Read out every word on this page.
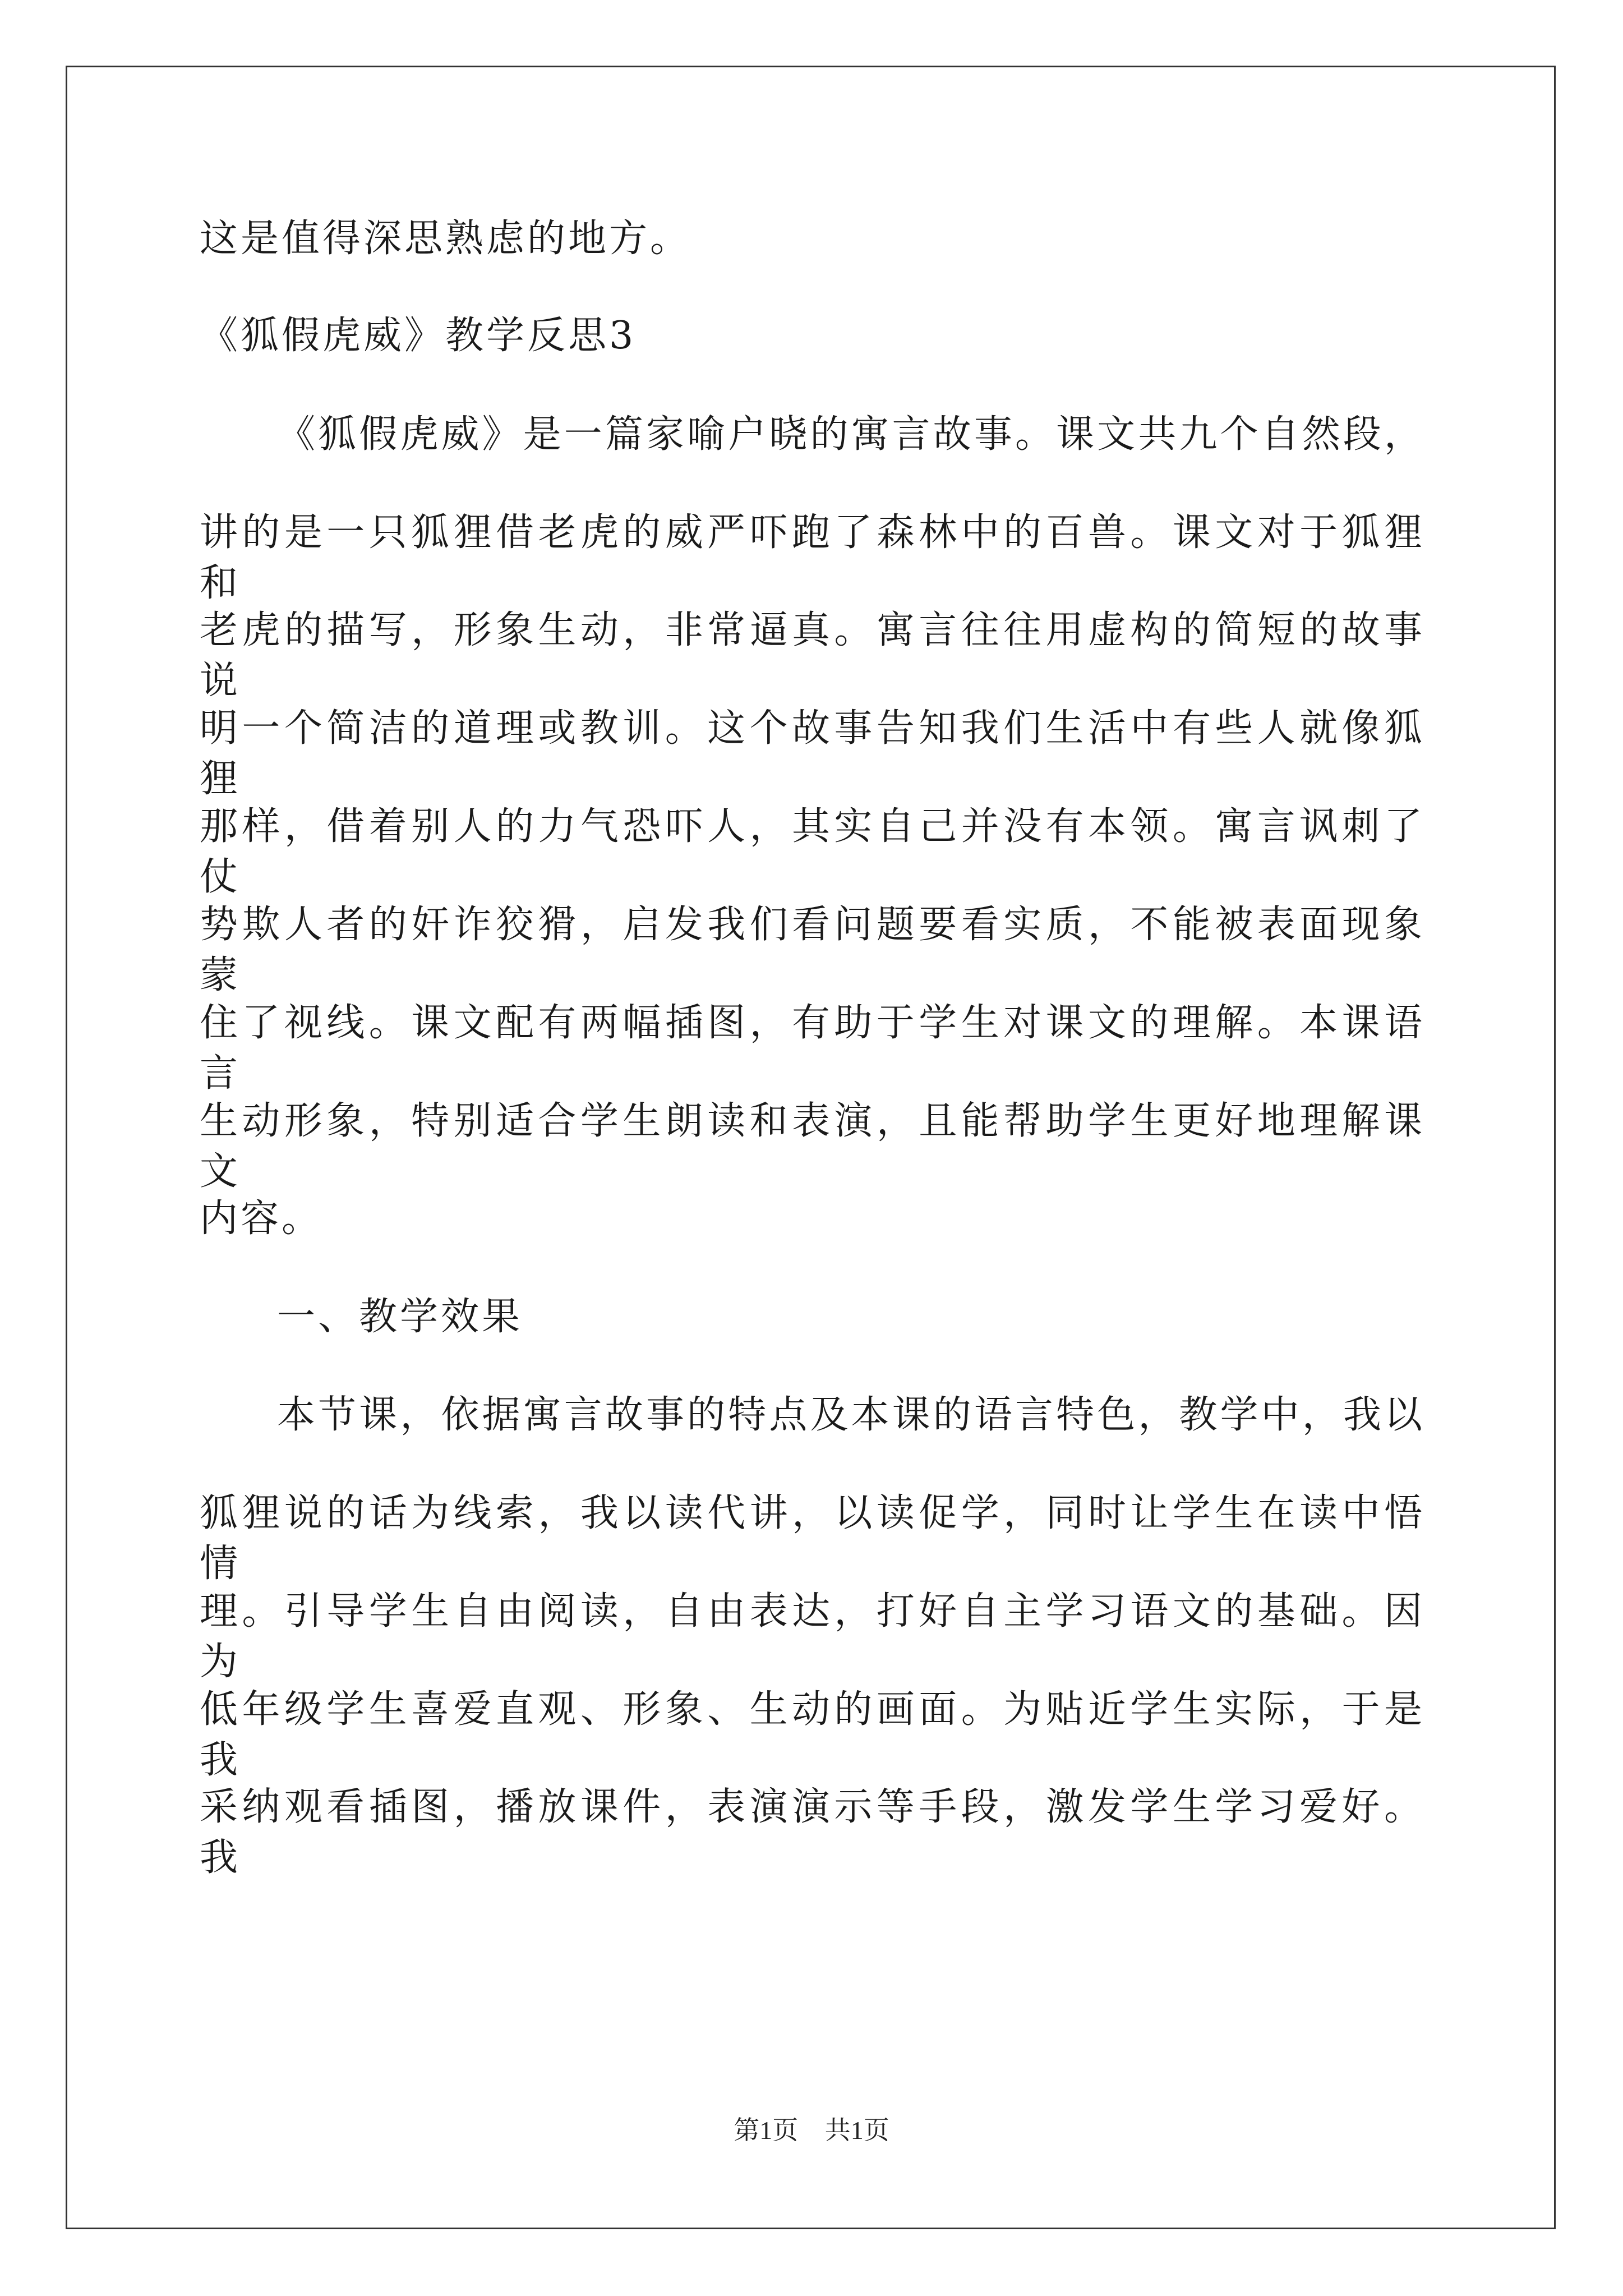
这是值得深思熟虑的地方。
《狐假虎威》教学反思3
《狐假虎威》是一篇家喻户晓的寓言故事。课文共九个自然段，
讲的是一只狐狸借老虎的威严吓跑了森林中的百兽。课文对于狐狸和
老虎的描写，形象生动，非常逼真。寓言往往用虚构的简短的故事说
明一个简洁的道理或教训。这个故事告知我们生活中有些人就像狐狸
那样，借着别人的力气恐吓人，其实自己并没有本领。寓言讽刺了仗
势欺人者的奸诈狡猾，启发我们看问题要看实质，不能被表面现象蒙
住了视线。课文配有两幅插图，有助于学生对课文的理解。本课语言
生动形象，特别适合学生朗读和表演，且能帮助学生更好地理解课文
内容。
一、教学效果
本节课，依据寓言故事的特点及本课的语言特色，教学中，我以
狐狸说的话为线索，我以读代讲，以读促学，同时让学生在读中悟情
理。引导学生自由阅读，自由表达，打好自主学习语文的基础。因为
低年级学生喜爱直观、形象、生动的画面。为贴近学生实际，于是我
采纳观看插图，播放课件，表演演示等手段，激发学生学习爱好。我
第1页 共1页
